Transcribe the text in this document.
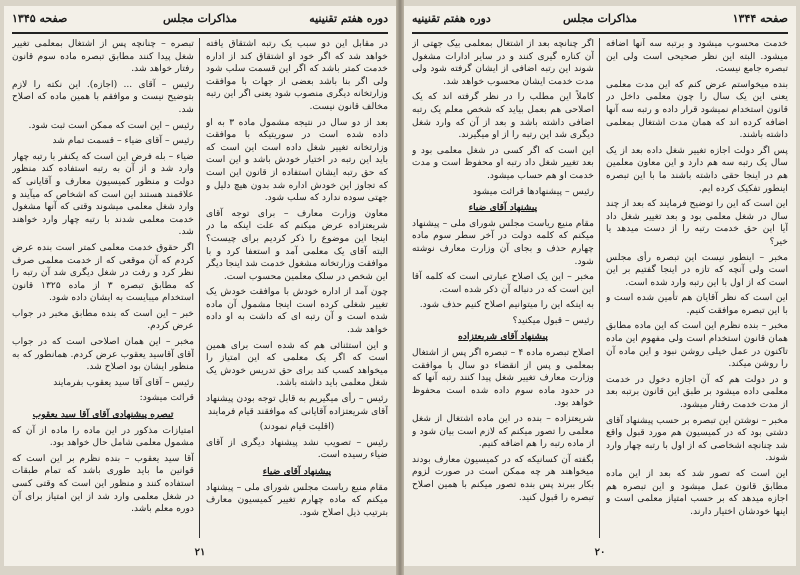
دوره هفتم تقنينيه
مذاکرات مجلس
صفحه ۱۳۴۵

در مقابل این دو سبب یک رتبه اشتقاق یافته خواهد شد که اگر خود او اشتقاق کند از اداره خدمت کمتر باشد که اگر این قسمت سلب شود ولی اگر بنا باشد بعضی از جهات با موافقت وزارتخانه دیگری منصوب شود یعنی اگر این رتبه مخالف قانون نیست.

بعد از دو سال در نتیجه مشمول ماده ۳ به او داده شده است در سوریتیکه با موافقت وزارتخانه تغییر شغل داده است این است که باید این رتبه در اختیار خودش باشد و این است که حق رتبه ایشان استفاده از قانون این است که تجاوز این خودش اداره شد بدون هیچ دلیل و جهتی سوده ندارد که سلب شود.

معاون وزارت معارف – برای توجه آقای شریعتزاده عرض میکنم که علت اینکه ما در اینجا این موضوع را ذکر کردیم برای چیست؟ البته آقای یک معلمی آمد و استعفا کرد و با موافقت وزارتخانه مشغول خدمت شد اینجا دیگر این شخص در سلک معلمین محسوب است.

چون آمد از اداره خودش با موافقت خودش یک تغییر شغلی کرده است اینجا مشمول آن ماده شده است و آن رتبه ای که داشت به او داده خواهد شد.

و این استثنائی هم که شده است برای همین است که اگر یک معلمی که این امتیاز را میخواهد کسب کند برای حق تدریس خودش یک شغل معلمی باید داشته باشد.

رئیس – رأی میگیریم به قابل توجه بودن پیشنهاد آقای شریعتزاده آقایانی که موافقند قیام فرمایند

(اقلیت قیام نمودند)

رئیس – تصویب نشد پیشنهاد دیگری از آقای ضیاء رسیده است.

پیشنهاد آقای ضیاء

مقام منیع ریاست مجلس شورای ملی – پیشنهاد میکنم که ماده چهارم تغییر کمیسیون معارف بترتیب ذیل اصلاح شود.

تبصره – چنانچه پس از اشتغال بمعلمی تغییر شغل پیدا کنند مطابق تبصره ماده سوم قانون رفتار خواهد شد.

رئیس – آقای ... (اجازه). این نکته را لازم بتوضیح نیست و موافقم با همین ماده که اصلاح شد.

رئیس – این است که ممکن است ثبت شود.

رئیس – آقای ضیاء – قسمت تمام شد

ضیاء – بله فرض این است که یکنفر با رتبه چهار وارد شد و از آن به رتبه استفاده کند منظور دولت و منظور کمیسیون معارف و آقایانی که علاقمند هستند این است که اشخاص که میآیند و وارد شغل معلمی میشوند وقتی که آنها مشغول خدمت معلمی شدند با رتبه چهار وارد خواهند شد.

اگر حقوق خدمت معلمی کمتر است بنده عرض کردم که آن موقعی که از خدمت معلمی صرف نظر کرد و رفت در شغل دیگری شد آن رتبه را که مطابق تبصره ۳ از ماده ۱۳۲۵ قانون استخدام میبایست به ایشان داده شود.

خبر – این است که بنده مطابق مخبر در جواب عرض کردم.

مخبر – این همان اصلاحی است که در جواب آقای آقاسید یعقوب عرض کردم. همانطور که به منظور ایشان بود اصلاح شد.

رئیس – آقای آقا سید یعقوب بفرمایند

قرائت میشود:

تبصره پیشنهادی آقای آقا سید یعقوب

امتیازات مذکور در این ماده را ماده از آن که مشمول معلمی شامل حال خواهد بود.

آقا سید یعقوب – بنده نظرم بر این است که قوانین ما باید طوری باشد که تمام طبقات استفاده کنند و منظور این است که وقتی کسی در شغل معلمی وارد شد از این امتیاز برای آن دوره معلم باشد.

۲۱
دوره هفتم تقنينيه	مذاکرات مجلس	صفحه ۱۳۴۴

خدمت محسوب میشود و برتبه سه آنها اضافه میشود. البته این نظر صحیحی است ولی این تبصره جامع نیست.

بنده میخواستم عرض کنم که این مدت معلمی یعنی این یک سال را چون معلمی داخل در قانون استخدام نمیشود قرار داده و رتبه سه آنها اضافه کرده اند که همان مدت اشتغال بمعلمی داشته باشند.

پس اگر دولت اجازه تغییر شغل داده بعد از یک سال یک رتبه سه هم دارد و این معاون معلمین هم در اینجا حقی داشته باشند ما با این تبصره اینطور تفکیک کرده ایم.

این است که این را توضیح فرمایند که بعد از چند سال در شغل معلمی بود و بعد تغییر شغل داد آیا این حق خدمت رتبه را از دست میدهد یا خیر؟

مخبر – اینطور نیست این تبصره رأی مجلس است ولی آنچه که تازه در اینجا گفتیم بر این است که از اول با این رتبه وارد شده است.

این است که نظر آقایان هم تأمین شده است و با این تبصره موافقت کنیم.

مخبر – بنده نظرم این است که این ماده مطابق همان قانون استخدام است ولی مفهوم این ماده تاکنون در عمل خیلی روشن نبود و این ماده آن را روشن میکند.

و در دولت هم که آن اجازه دخول در خدمت معلمی داده میشود بر طبق این قانون برتبه بعد از مدت خدمت رفتار میشود.

مخبر – نوشتن این تبصره بر حسب پیشنهاد آقای دشتی بود که در کمیسیون هم مورد قبول واقع شد چنانچه اشخاصی که از اول با رتبه چهار وارد شوند.

این است که تصور شد که بعد از این ماده مطابق قانون عمل میشود و این تبصره هم اجازه میدهد که بر حسب امتیاز معلمی است و اینها خودشان اختیار دارند.

اگر چنانچه بعد از اشتغال بمعلمی بیک جهتی از آن کناره گیری کنند و در سایر ادارات مشغول شوند این رتبه اضافی از ایشان گرفته شود ولی مدت خدمت ایشان محسوب خواهد شد.

کاملاً این مطلب را در نظر گرفته اند که یک اصلاحی هم بعمل بیاید که شخص معلم یک رتبه اضافی داشته باشد و بعد از آن که وارد شغل دیگری شد این رتبه را از او میگیرند.

این است که اگر کسی در شغل معلمی بود و بعد تغییر شغل داد رتبه او محفوظ است و مدت خدمت او هم حساب میشود.

رئیس – پیشنهادها قرائت میشود

پیشنهاد آقای ضیاء

مقام منیع ریاست مجلس شورای ملی – پیشنهاد میکنم که کلمه دولت در آخر سطر سوم ماده چهارم حذف و بجای آن وزارت معارف نوشته شود.

مخبر – این یک اصلاح عبارتی است که کلمه آقا این است که در دنباله آن ذکر شده است.

به اینکه این را میتوانیم اصلاح کنیم حذف شود.

رئیس – قبول میکنید؟

پیشنهاد آقای شریعتزاده

اصلاح تبصره ماده ۴ – تبصره اگر پس از اشتغال بمعلمی و پس از انقضاء دو سال با موافقت وزارت معارف تغییر شغل پیدا کنند رتبه آنها که در حدود ماده سوم داده شده است محفوظ خواهد بود.

شریعتزاده – بنده در این ماده اشتغال از شغل معلمی را تصور میکنم که لازم است بیان شود و از ماده رتبه را هم اضافه کنیم.

بگفته آن کسانیکه که در کمیسیون معارف بودند میخواهند هر چه ممکن است در صورت لزوم بکار ببرند پس بنده تصور میکنم با همین اصلاح تبصره را قبول کنید.

۲۰
